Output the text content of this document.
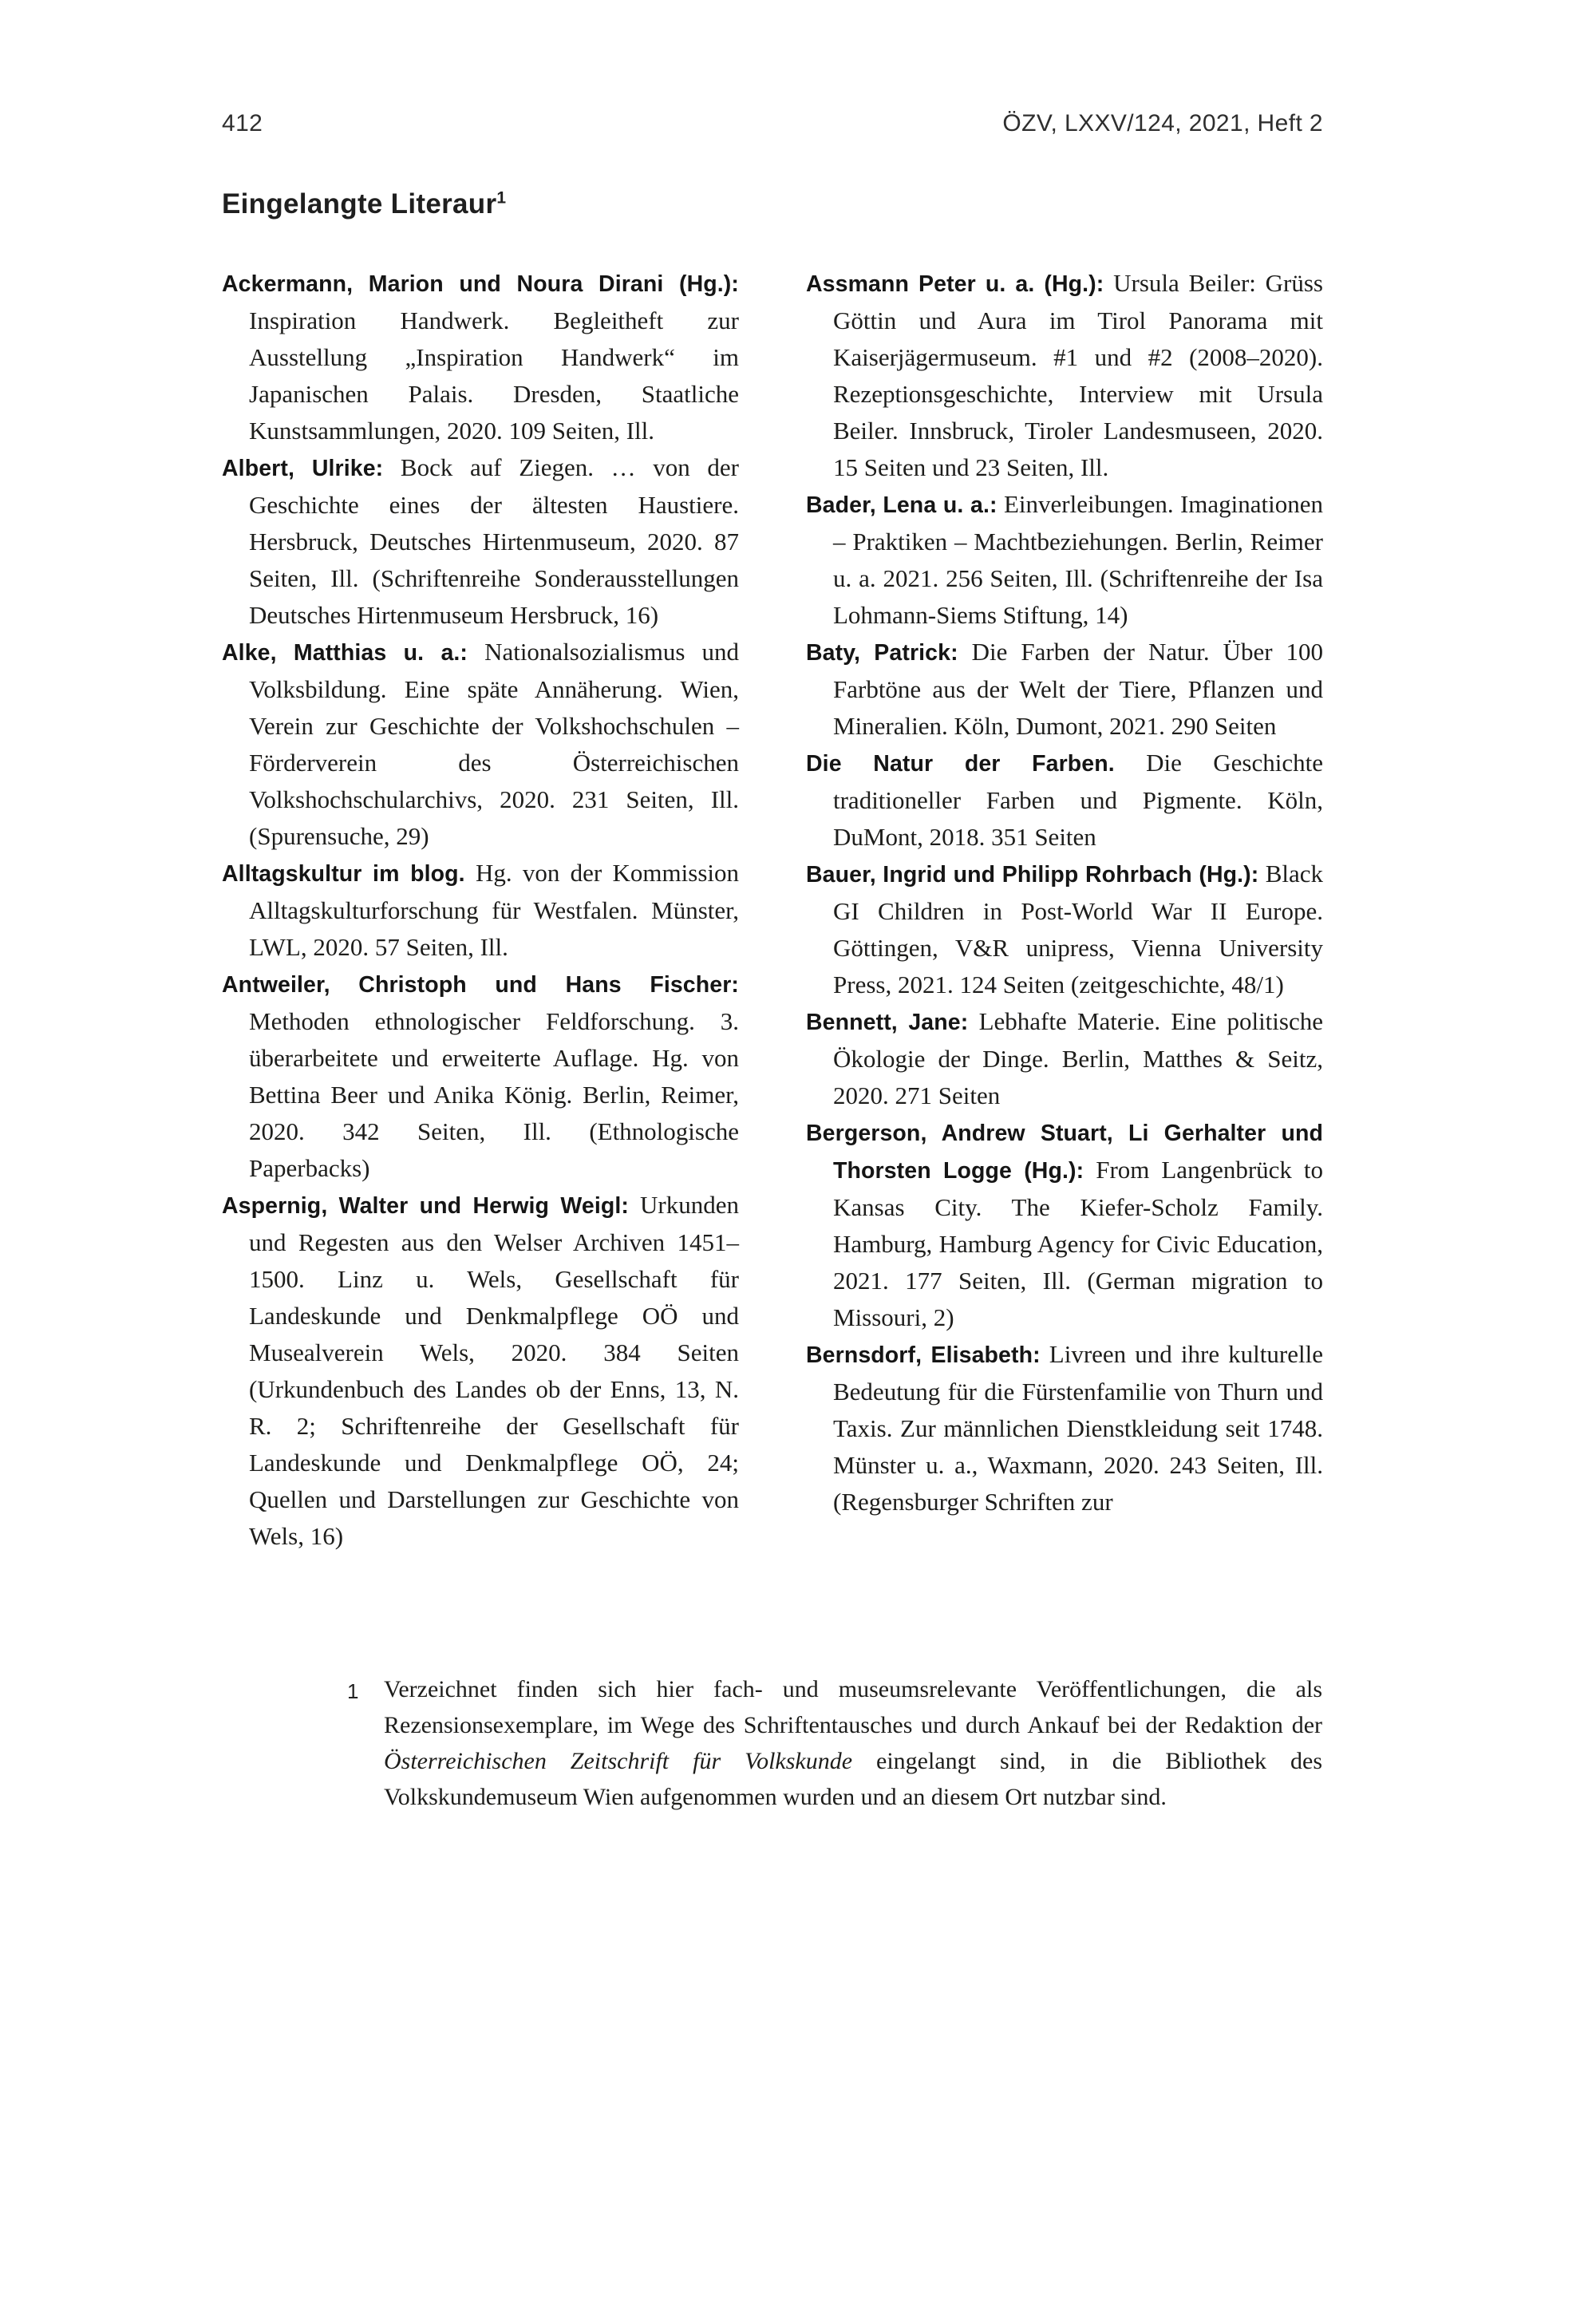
412	ÖZV, LXXV/124, 2021, Heft 2
Eingelangte Literaur$^1$

Ackermann, Marion und Noura Dirani (Hg.): Inspiration Handwerk. Begleitheft zur Ausstellung „Inspiration Handwerk“ im Japanischen Palais. Dresden, Staatliche Kunstsammlungen, 2020. 109 Seiten, Ill.

Albert, Ulrike: Bock auf Ziegen. … von der Geschichte eines der ältesten Haustiere. Hersbruck, Deutsches Hirtenmuseum, 2020. 87 Seiten, Ill. (Schriftenreihe Sonderausstellungen Deutsches Hirtenmuseum Hersbruck, 16)

Alke, Matthias u. a.: Nationalsozialismus und Volksbildung. Eine späte Annäherung. Wien, Verein zur Geschichte der Volkshochschulen – Förderverein des Österreichischen Volkshochschularchivs, 2020. 231 Seiten, Ill. (Spurensuche, 29)

Alltagskultur im blog. Hg. von der Kommission Alltagskulturforschung für Westfalen. Münster, LWL, 2020. 57 Seiten, Ill.

Antweiler, Christoph und Hans Fischer: Methoden ethnologischer Feldforschung. 3. überarbeitete und erweiterte Auflage. Hg. von Bettina Beer und Anika König. Berlin, Reimer, 2020. 342 Seiten, Ill. (Ethnologische Paperbacks)

Aspernig, Walter und Herwig Weigl: Urkunden und Regesten aus den Welser Archiven 1451–1500. Linz u. Wels, Gesellschaft für Landeskunde und Denkmalpflege OÖ und Musealverein Wels, 2020. 384 Seiten (Urkundenbuch des Landes ob der Enns, 13, N. R. 2; Schriftenreihe der Gesellschaft für Landeskunde und Denkmalpflege OÖ, 24; Quellen und Darstellungen zur Geschichte von Wels, 16)

Assmann Peter u. a. (Hg.): Ursula Beiler: Grüss Göttin und Aura im Tirol Panorama mit Kaiserjägermuseum. #1 und #2 (2008–2020). Rezeptionsgeschichte, Interview mit Ursula Beiler. Innsbruck, Tiroler Landesmuseen, 2020. 15 Seiten und 23 Seiten, Ill.

Bader, Lena u. a.: Einverleibungen. Imaginationen – Praktiken – Machtbeziehungen. Berlin, Reimer u. a. 2021. 256 Seiten, Ill. (Schriftenreihe der Isa Lohmann-Siems Stiftung, 14)

Baty, Patrick: Die Farben der Natur. Über 100 Farbtöne aus der Welt der Tiere, Pflanzen und Mineralien. Köln, Dumont, 2021. 290 Seiten

Die Natur der Farben. Die Geschichte traditioneller Farben und Pigmente. Köln, DuMont, 2018. 351 Seiten

Bauer, Ingrid und Philipp Rohrbach (Hg.): Black GI Children in Post-World War II Europe. Göttingen, V&R unipress, Vienna University Press, 2021. 124 Seiten (zeitgeschichte, 48/1)

Bennett, Jane: Lebhafte Materie. Eine politische Ökologie der Dinge. Berlin, Matthes & Seitz, 2020. 271 Seiten

Bergerson, Andrew Stuart, Li Gerhalter und Thorsten Logge (Hg.): From Langenbrück to Kansas City. The Kiefer-Scholz Family. Hamburg, Hamburg Agency for Civic Education, 2021. 177 Seiten, Ill. (German migration to Missouri, 2)

Bernsdorf, Elisabeth: Livreen und ihre kulturelle Bedeutung für die Fürstenfamilie von Thurn und Taxis. Zur männlichen Dienstkleidung seit 1748. Münster u. a., Waxmann, 2020. 243 Seiten, Ill. (Regensburger Schriften zur

1	Verzeichnet finden sich hier fach- und museumsrelevante Veröffentlichungen, die als Rezensionsexemplare, im Wege des Schriftentausches und durch Ankauf bei der Redaktion der Österreichischen Zeitschrift für Volkskunde eingelangt sind, in die Bibliothek des Volkskundemuseum Wien aufgenommen wurden und an diesem Ort nutzbar sind.
